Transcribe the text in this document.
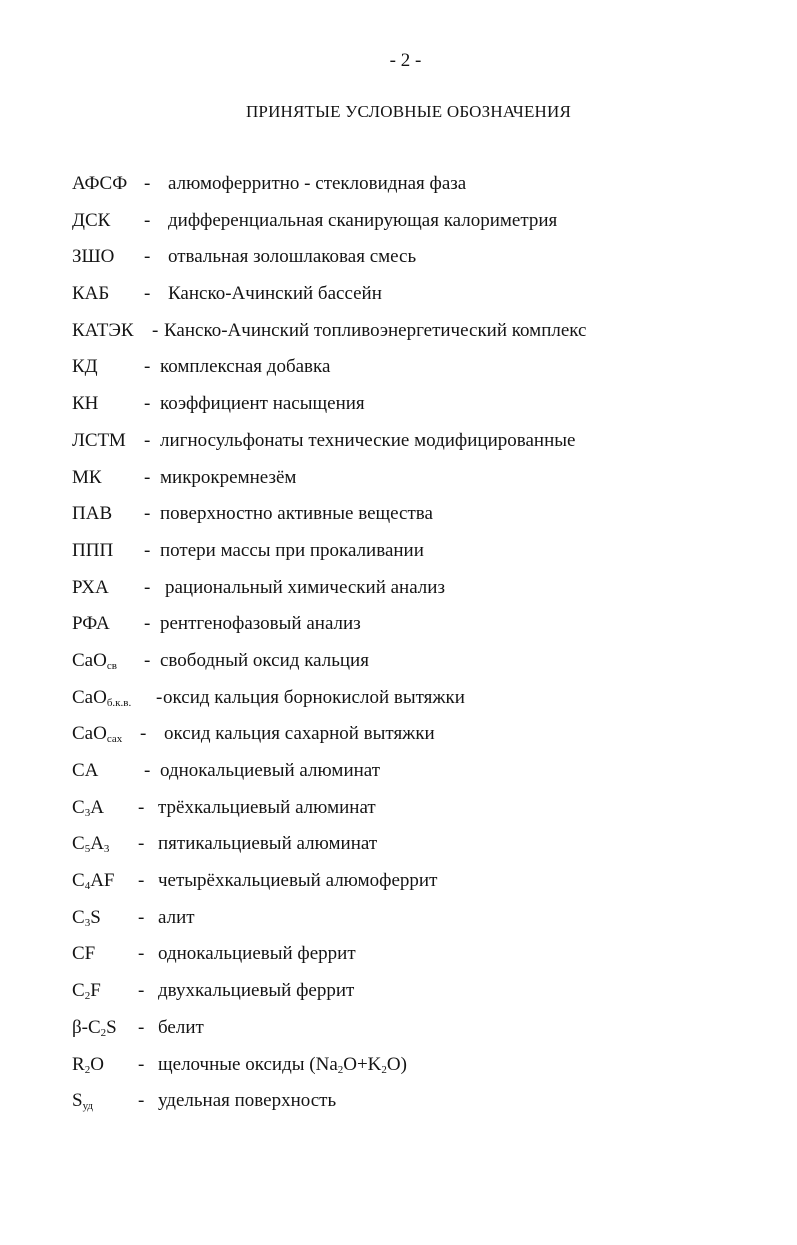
- 2 -
ПРИНЯТЫЕ УСЛОВНЫЕ ОБОЗНАЧЕНИЯ
АФСФ - алюмоферритно - стекловидная фаза
ДСК - дифференциальная сканирующая калориметрия
ЗШО - отвальная золошлаковая смесь
КАБ - Канско-Ачинский бассейн
КАТЭК - Канско-Ачинский топливоэнергетический комплекс
КД - комплексная добавка
КН - коэффициент насыщения
ЛСТМ - лигносульфонаты технические модифицированные
МК - микрокремнезём
ПАВ - поверхностно активные вещества
ППП - потери массы при прокаливании
РХА - рациональный химический анализ
РФА - рентгенофазовый анализ
CaO$_{св}$ - свободный оксид кальция
CaO$_{б.к.в.}$ - оксид кальция борнокислой вытяжки
CaO$_{сах}$ - оксид кальция сахарной вытяжки
CA - однокальциевый алюминат
$C_3A$ - трёхкальциевый алюминат
$C_5A_3$ - пятикальциевый алюминат
$C_4AF$ - четырёхкальциевый алюмоферрит
$C_3S$ - алит
CF - однокальциевый феррит
$C_2F$ - двухкальциевый феррит
$\beta-C_2S$ - белит
$R_2O$ - щелочные оксиды $(Na_2O+K_2O)$
$S_{уд}$ - удельная поверхность
